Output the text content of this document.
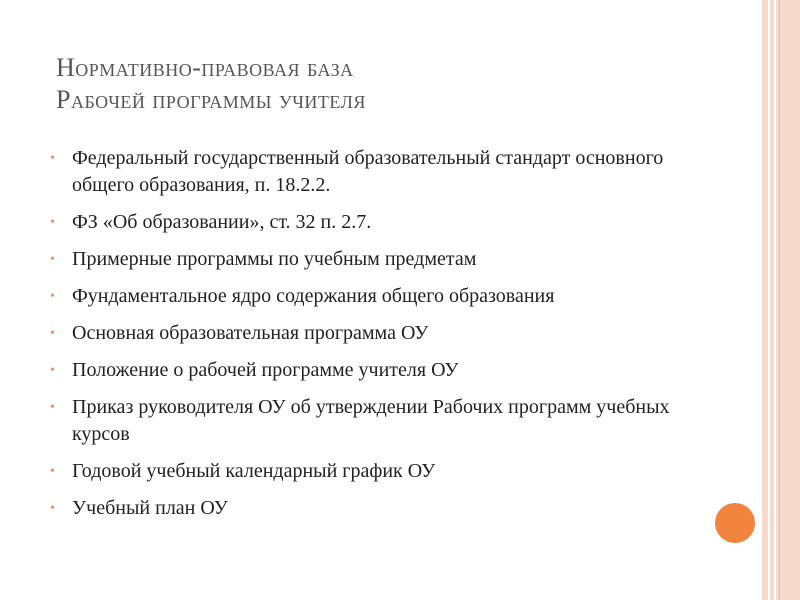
Нормативно-правовая база
Рабочей программы учителя
• Федеральный государственный образовательный стандарт основного общего образования, п. 18.2.2.
• ФЗ «Об образовании», ст. 32 п. 2.7.
• Примерные программы по учебным предметам
• Фундаментальное ядро содержания общего образования
• Основная образовательная программа ОУ
• Положение о рабочей программе учителя ОУ
• Приказ руководителя ОУ об утверждении Рабочих программ учебных курсов
• Годовой учебный календарный график ОУ
• Учебный план ОУ
